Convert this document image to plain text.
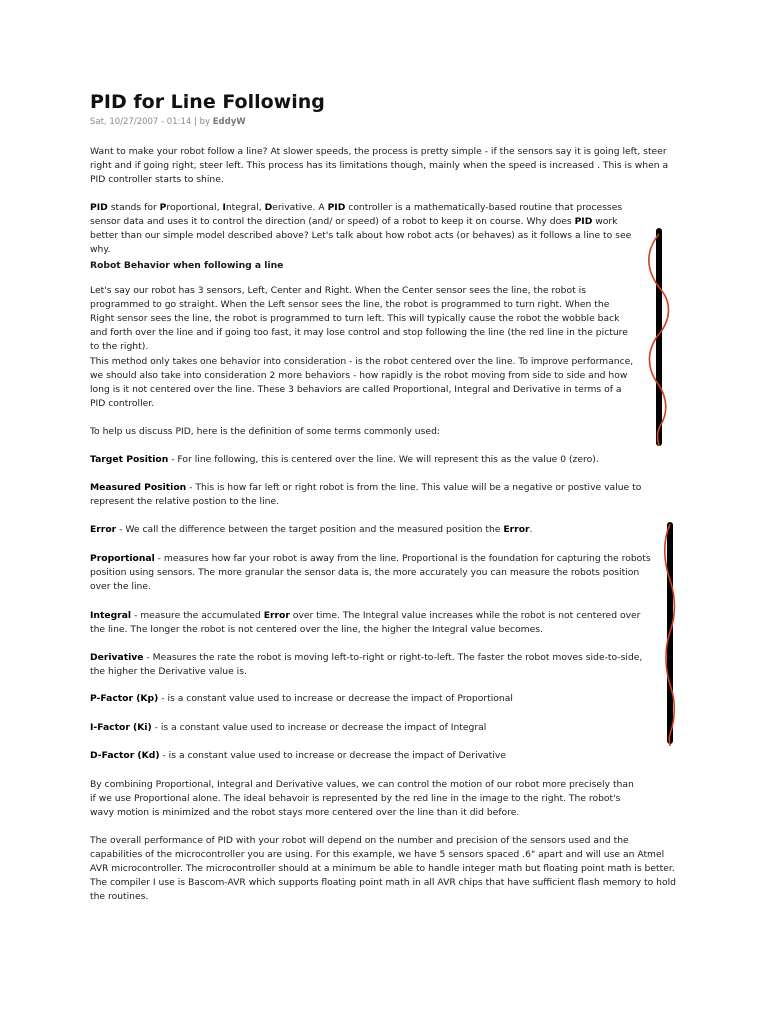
PID for Line Following
Sat, 10/27/2007 - 01:14 | by EddyW

Want to make your robot follow a line? At slower speeds, the process is pretty simple - if the sensors say it is going left, steer right and if going right, steer left. This process has its limitations though, mainly when the speed is increased . This is when a PID controller starts to shine.

PID stands for Proportional, Integral, Derivative. A PID controller is a mathematically-based routine that processes sensor data and uses it to control the direction (and/ or speed) of a robot to keep it on course. Why does PID work better than our simple model described above? Let's talk about how robot acts (or behaves) as it follows a line to see why.

Robot Behavior when following a line

Let's say our robot has 3 sensors, Left, Center and Right. When the Center sensor sees the line, the robot is programmed to go straight. When the Left sensor sees the line, the robot is programmed to turn right. When the Right sensor sees the line, the robot is programmed to turn left. This will typically cause the robot the wobble back and forth over the line and if going too fast, it may lose control and stop following the line (the red line in the picture to the right).

This method only takes one behavior into consideration - is the robot centered over the line. To improve performance, we should also take into consideration 2 more behaviors - how rapidly is the robot moving from side to side and how long is it not centered over the line. These 3 behaviors are called Proportional, Integral and Derivative in terms of a PID controller.

To help us discuss PID, here is the definition of some terms commonly used:

Target Position - For line following, this is centered over the line. We will represent this as the value 0 (zero).

Measured Position - This is how far left or right robot is from the line. This value will be a negative or postive value to represent the relative postion to the line.

Error - We call the difference between the target position and the measured position the Error.

Proportional - measures how far your robot is away from the line. Proportional is the foundation for capturing the robots position using sensors. The more granular the sensor data is, the more accurately you can measure the robots position over the line.

Integral - measure the accumulated Error over time. The Integral value increases while the robot is not centered over the line. The longer the robot is not centered over the line, the higher the Integral value becomes.

Derivative - Measures the rate the robot is moving left-to-right or right-to-left. The faster the robot moves side-to-side, the higher the Derivative value is.

P-Factor (Kp) - is a constant value used to increase or decrease the impact of Proportional

I-Factor (Ki) - is a constant value used to increase or decrease the impact of Integral

D-Factor (Kd) - is a constant value used to increase or decrease the impact of Derivative

By combining Proportional, Integral and Derivative values, we can control the motion of our robot more precisely than if we use Proportional alone. The ideal behavoir is represented by the red line in the image to the right. The robot's wavy motion is minimized and the robot stays more centered over the line than it did before.

The overall performance of PID with your robot will depend on the number and precision of the sensors used and the capabilities of the microcontroller you are using. For this example, we have 5 sensors spaced .6" apart and will use an Atmel AVR microcontroller. The microcontroller should at a minimum be able to handle integer math but floating point math is better. The compiler I use is Bascom-AVR which supports floating point math in all AVR chips that have sufficient flash memory to hold the routines.
